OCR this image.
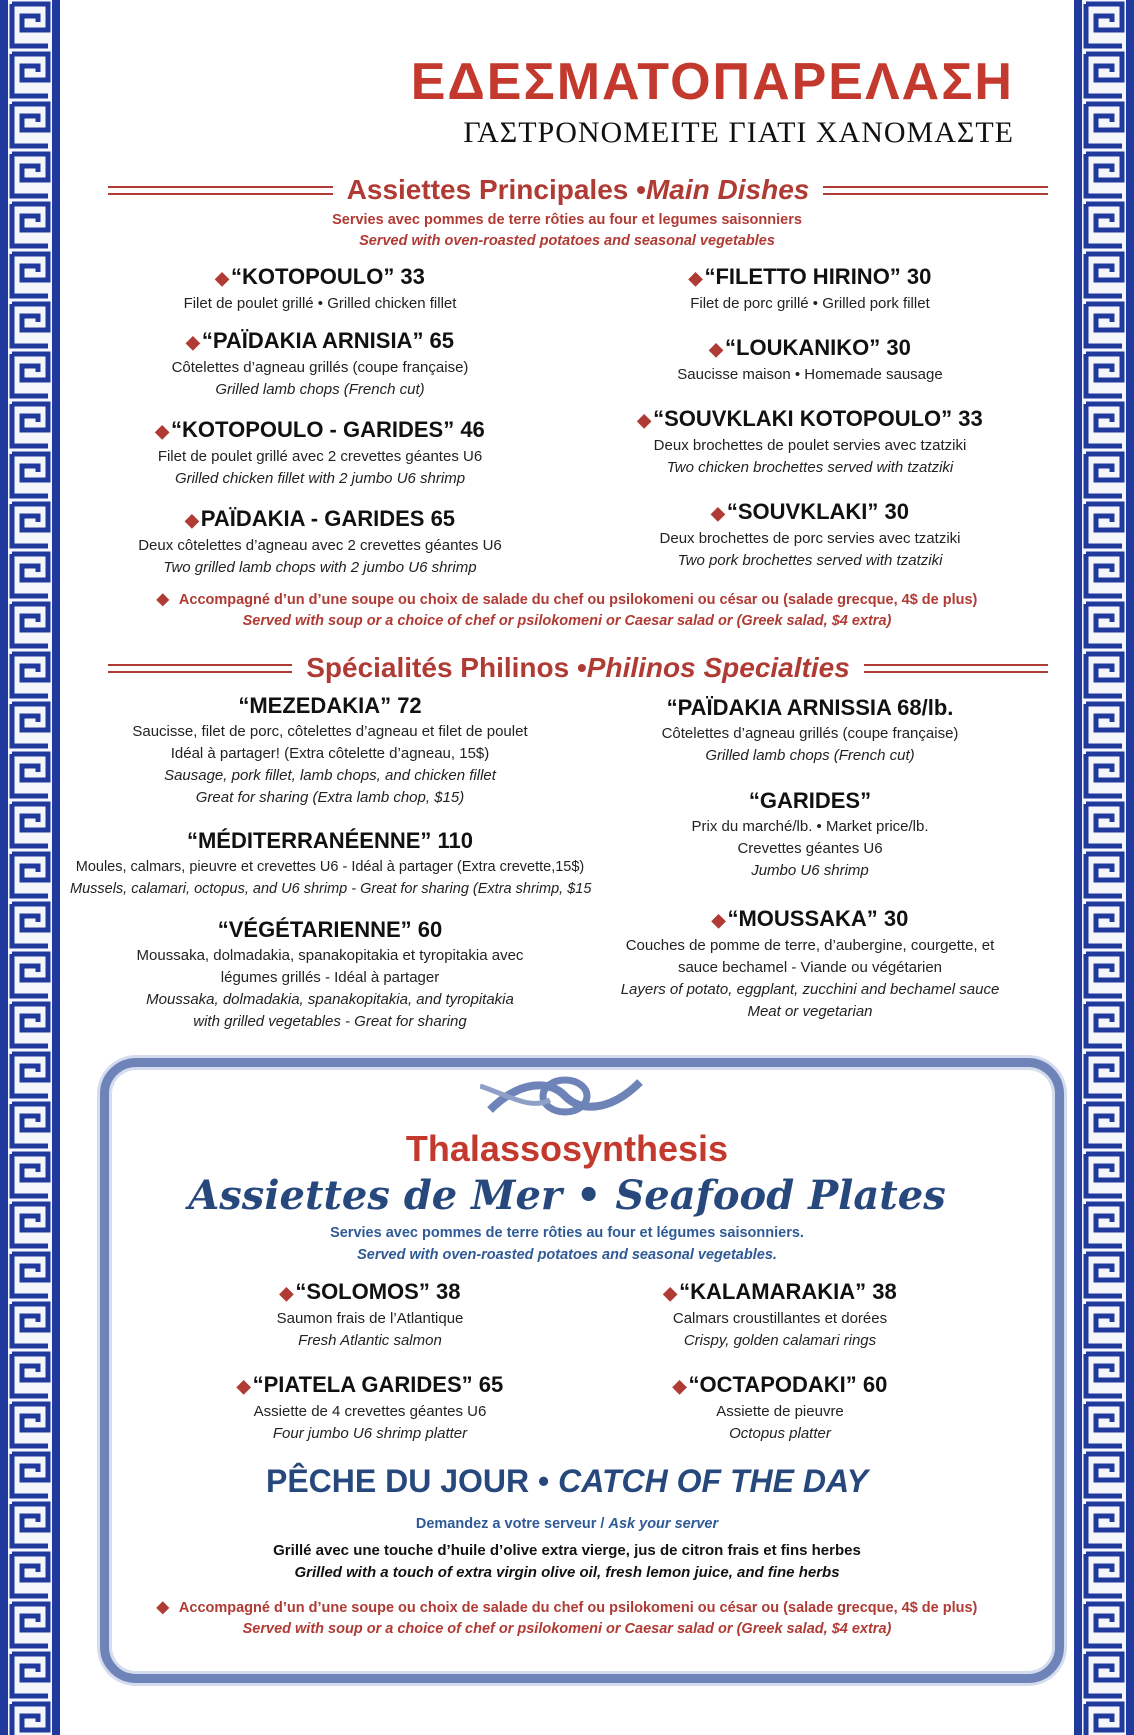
ΕΔΕΣΜΑΤΟΠΑΡΕΛΑΣΗ
ΓΑΣΤΡΟΝΟΜΕΙΤΕ ΓΙΑΤΙ ΧΑΝΟΜΑΣΤΕ
Assiettes Principales •Main Dishes
Servies avec pommes de terre rôties au four et legumes saisonniers
Served with oven-roasted potatoes and seasonal vegetables
◆“KOTOPOULO” 33
Filet de poulet grillé • Grilled chicken fillet
◆“PAÏDAKIA ARNISIA” 65
Côtelettes d’agneau grillés (coupe française)
Grilled lamb chops (French cut)
◆“KOTOPOULO - GARIDES” 46
Filet de poulet grillé avec 2 crevettes géantes U6
Grilled chicken fillet with 2 jumbo U6 shrimp
◆PAÏDAKIA - GARIDES 65
Deux côtelettes d’agneau avec 2 crevettes géantes U6
Two grilled lamb chops with 2 jumbo U6 shrimp
◆“FILETTO HIRINO” 30
Filet de porc grillé • Grilled pork fillet
◆“LOUKANIKO” 30
Saucisse maison • Homemade sausage
◆“SOUVKLAKI KOTOPOULO” 33
Deux brochettes de poulet servies avec tzatziki
Two chicken brochettes served with tzatziki
◆“SOUVKLAKI” 30
Deux brochettes de porc servies avec tzatziki
Two pork brochettes served with tzatziki
◆ Accompagné d’un d’une soupe ou choix de salade du chef ou psilokomeni ou césar ou (salade grecque, 4$ de plus)
Served with soup or a choice of chef or psilokomeni or Caesar salad or (Greek salad, $4 extra)
Spécialités Philinos •Philinos Specialties
“MEZEDAKIA” 72
Saucisse, filet de porc, côtelettes d’agneau et filet de poulet
Idéal à partager! (Extra côtelette d’agneau, 15$)
Sausage, pork fillet, lamb chops, and chicken fillet
Great for sharing (Extra lamb chop, $15)
“MÉDITERRANÉENNE” 110
Moules, calmars, pieuvre et crevettes U6 - Idéal à partager (Extra crevette,15$)
Mussels, calamari, octopus, and U6 shrimp - Great for sharing (Extra shrimp, $15
“VÉGÉTARIENNE” 60
Moussaka, dolmadakia, spanakopitakia et tyropitakia avec
légumes grillés - Idéal à partager
Moussaka, dolmadakia, spanakopitakia, and tyropitakia
with grilled vegetables - Great for sharing
“PAÏDAKIA ARNISSIA 68/lb.
Côtelettes d’agneau grillés (coupe française)
Grilled lamb chops (French cut)
“GARIDES”
Prix du marché/lb. • Market price/lb.
Crevettes géantes U6
Jumbo U6 shrimp
◆“MOUSSAKA” 30
Couches de pomme de terre, d’aubergine, courgette, et
sauce bechamel - Viande ou végétarien
Layers of potato, eggplant, zucchini and bechamel sauce
Meat or vegetarian
Thalassosynthesis
Assiettes de Mer • Seafood Plates
Servies avec pommes de terre rôties au four et légumes saisonniers.
Served with oven-roasted potatoes and seasonal vegetables.
◆“SOLOMOS” 38
Saumon frais de l’Atlantique
Fresh Atlantic salmon
◆“PIATELA GARIDES” 65
Assiette de 4 crevettes géantes U6
Four jumbo U6 shrimp platter
◆“KALAMARAKIA” 38
Calmars croustillantes et dorées
Crispy, golden calamari rings
◆“OCTAPODAKI” 60
Assiette de pieuvre
Octopus platter
PÊCHE DU JOUR • CATCH OF THE DAY
Demandez a votre serveur / Ask your server
Grillé avec une touche d’huile d’olive extra vierge, jus de citron frais et fins herbes
Grilled with a touch of extra virgin olive oil, fresh lemon juice, and fine herbs
◆ Accompagné d’un d’une soupe ou choix de salade du chef ou psilokomeni ou césar ou (salade grecque, 4$ de plus)
Served with soup or a choice of chef or psilokomeni or Caesar salad or (Greek salad, $4 extra)
